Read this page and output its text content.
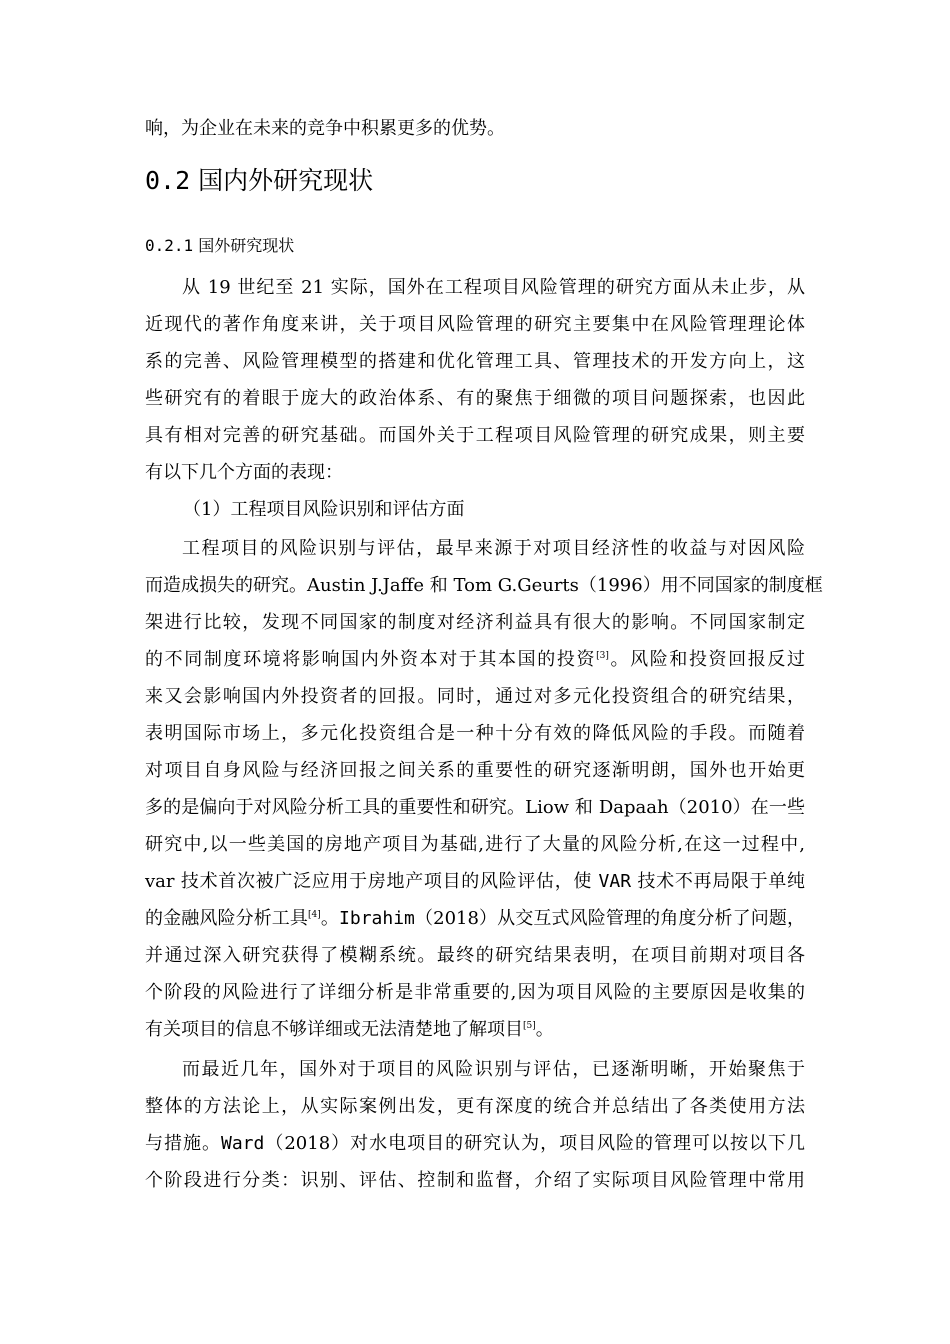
响，为企业在未来的竞争中积累更多的优势。
0.2 国内外研究现状
0.2.1 国外研究现状
从 19 世纪至 21 实际，国外在工程项目风险管理的研究方面从未止步，从
近现代的著作角度来讲，关于项目风险管理的研究主要集中在风险管理理论体
系的完善、风险管理模型的搭建和优化管理工具、管理技术的开发方向上，这
些研究有的着眼于庞大的政治体系、有的聚焦于细微的项目问题探索，也因此
具有相对完善的研究基础。而国外关于工程项目风险管理的研究成果，则主要
有以下几个方面的表现：
（1）工程项目风险识别和评估方面
工程项目的风险识别与评估，最早来源于对项目经济性的收益与对因风险
而造成损失的研究。Austin J.Jaffe 和 Tom G.Geurts（1996）用不同国家的制度框
架进行比较，发现不同国家的制度对经济利益具有很大的影响。不同国家制定
的不同制度环境将影响国内外资本对于其本国的投资[3]。风险和投资回报反过
来又会影响国内外投资者的回报。同时，通过对多元化投资组合的研究结果，
表明国际市场上，多元化投资组合是一种十分有效的降低风险的手段。而随着
对项目自身风险与经济回报之间关系的重要性的研究逐渐明朗，国外也开始更
多的是偏向于对风险分析工具的重要性和研究。Liow 和 Dapaah（2010）在一些
研究中,以一些美国的房地产项目为基础,进行了大量的风险分析,在这一过程中,
var 技术首次被广泛应用于房地产项目的风险评估，使 VAR 技术不再局限于单纯
的金融风险分析工具[4]。Ibrahim（2018）从交互式风险管理的角度分析了问题，
并通过深入研究获得了模糊系统。最终的研究结果表明，在项目前期对项目各
个阶段的风险进行了详细分析是非常重要的,因为项目风险的主要原因是收集的
有关项目的信息不够详细或无法清楚地了解项目[5]。
而最近几年，国外对于项目的风险识别与评估，已逐渐明晰，开始聚焦于
整体的方法论上，从实际案例出发，更有深度的统合并总结出了各类使用方法
与措施。Ward（2018）对水电项目的研究认为，项目风险的管理可以按以下几
个阶段进行分类：识别、评估、控制和监督，介绍了实际项目风险管理中常用
